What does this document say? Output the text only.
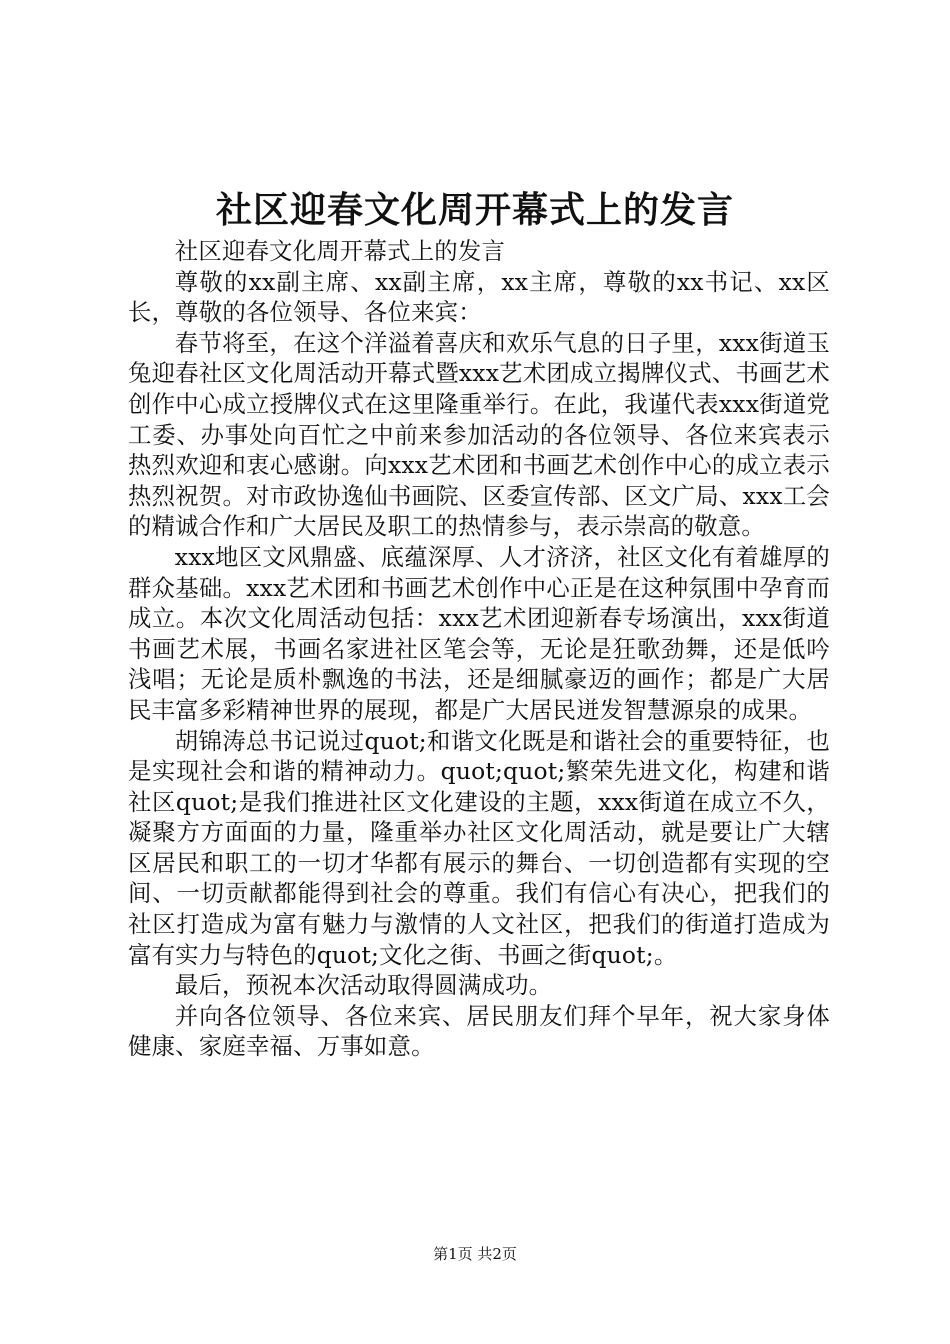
社区迎春文化周开幕式上的发言

社区迎春文化周开幕式上的发言

尊敬的xx副主席、xx副主席，xx主席，尊敬的xx书记、xx区长，尊敬的各位领导、各位来宾：

春节将至，在这个洋溢着喜庆和欢乐气息的日子里，xxx街道玉兔迎春社区文化周活动开幕式暨xxx艺术团成立揭牌仪式、书画艺术创作中心成立授牌仪式在这里隆重举行。在此，我谨代表xxx街道党工委、办事处向百忙之中前来参加活动的各位领导、各位来宾表示热烈欢迎和衷心感谢。向xxx艺术团和书画艺术创作中心的成立表示热烈祝贺。对市政协逸仙书画院、区委宣传部、区文广局、xxx工会的精诚合作和广大居民及职工的热情参与，表示崇高的敬意。

xxx地区文风鼎盛、底蕴深厚、人才济济，社区文化有着雄厚的群众基础。xxx艺术团和书画艺术创作中心正是在这种氛围中孕育而成立。本次文化周活动包括：xxx艺术团迎新春专场演出，xxx街道书画艺术展，书画名家进社区笔会等，无论是狂歌劲舞，还是低吟浅唱；无论是质朴飘逸的书法，还是细腻豪迈的画作；都是广大居民丰富多彩精神世界的展现，都是广大居民迸发智慧源泉的成果。

胡锦涛总书记说过quot;和谐文化既是和谐社会的重要特征，也是实现社会和谐的精神动力。quot;quot;繁荣先进文化，构建和谐社区quot;是我们推进社区文化建设的主题，xxx街道在成立不久，凝聚方方面面的力量，隆重举办社区文化周活动，就是要让广大辖区居民和职工的一切才华都有展示的舞台、一切创造都有实现的空间、一切贡献都能得到社会的尊重。我们有信心有决心，把我们的社区打造成为富有魅力与激情的人文社区，把我们的街道打造成为富有实力与特色的quot;文化之街、书画之街quot;。

最后，预祝本次活动取得圆满成功。

并向各位领导、各位来宾、居民朋友们拜个早年，祝大家身体健康、家庭幸福、万事如意。

第1页 共2页
